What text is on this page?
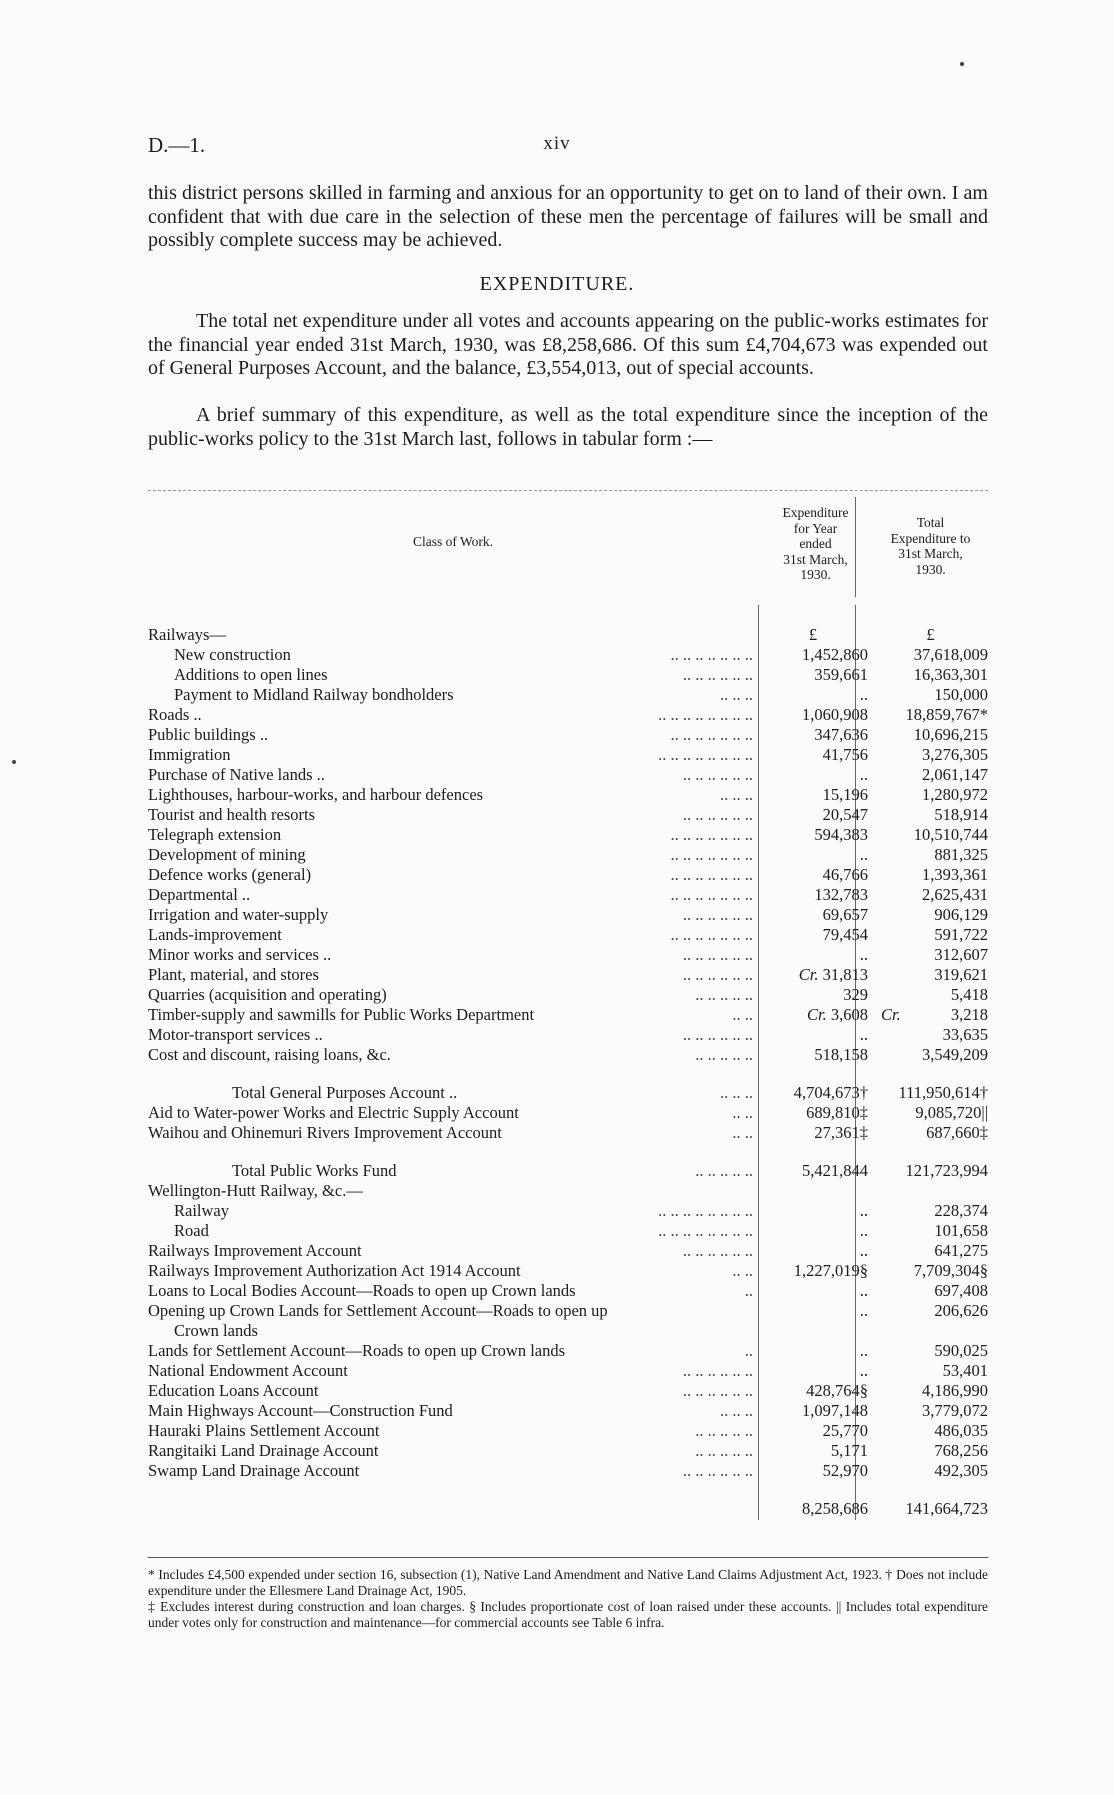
D.—1.	xiv
this district persons skilled in farming and anxious for an opportunity to get on to land of their own. I am confident that with due care in the selection of these men the percentage of failures will be small and possibly complete success may be achieved.
EXPENDITURE.
The total net expenditure under all votes and accounts appearing on the public-works estimates for the financial year ended 31st March, 1930, was £8,258,686. Of this sum £4,704,673 was expended out of General Purposes Account, and the balance, £3,554,013, out of special accounts.
A brief summary of this expenditure, as well as the total expenditure since the inception of the public-works policy to the 31st March last, follows in tabular form :—
Class of Work.
Expenditure
for Year
ended
31st March,
1930.
Total
Expenditure to
31st March,
1930.
Railways—	£	£
New construction	.. .. .. .. .. .. ..	1,452,860	37,618,009
Additions to open lines	.. .. .. .. .. ..	359,661	16,363,301
Payment to Midland Railway bondholders	.. .. ..	..	150,000
Roads ..	.. .. .. .. .. .. .. ..	1,060,908	18,859,767*
Public buildings ..	.. .. .. .. .. .. ..	347,636	10,696,215
Immigration	.. .. .. .. .. .. .. ..	41,756	3,276,305
Purchase of Native lands ..	.. .. .. .. .. ..	..	2,061,147
Lighthouses, harbour-works, and harbour defences	.. .. ..	15,196	1,280,972
Tourist and health resorts	.. .. .. .. .. ..	20,547	518,914
Telegraph extension	.. .. .. .. .. .. ..	594,383	10,510,744
Development of mining	.. .. .. .. .. .. ..	..	881,325
Defence works (general)	.. .. .. .. .. .. ..	46,766	1,393,361
Departmental ..	.. .. .. .. .. .. ..	132,783	2,625,431
Irrigation and water-supply	.. .. .. .. .. ..	69,657	906,129
Lands-improvement	.. .. .. .. .. .. ..	79,454	591,722
Minor works and services ..	.. .. .. .. .. ..	..	312,607
Plant, material, and stores	.. .. .. .. .. ..	Cr. 31,813	319,621
Quarries (acquisition and operating)	.. .. .. .. ..	329	5,418
Timber-supply and sawmills for Public Works Department	.. ..	Cr. 3,608 Cr.	3,218
Motor-transport services ..	.. .. .. .. .. ..	..	33,635
Cost and discount, raising loans, &c.	.. .. .. .. ..	518,158	3,549,209
Total General Purposes Account ..	.. .. ..	4,704,673†	111,950,614†
Aid to Water-power Works and Electric Supply Account	.. ..	689,810‡	9,085,720||
Waihou and Ohinemuri Rivers Improvement Account	.. ..	27,361‡	687,660‡
Total Public Works Fund	.. .. .. .. ..	5,421,844	121,723,994
Wellington-Hutt Railway, &c.—
Railway	.. .. .. .. .. .. .. ..	..	228,374
Road	.. .. .. .. .. .. .. ..	..	101,658
Railways Improvement Account	.. .. .. .. .. ..	..	641,275
Railways Improvement Authorization Act 1914 Account	.. ..	1,227,019§	7,709,304§
Loans to Local Bodies Account—Roads to open up Crown lands	..	..	697,408
Opening up Crown Lands for Settlement Account—Roads to open up	..	206,626
Crown lands
Lands for Settlement Account—Roads to open up Crown lands	..	..	590,025
National Endowment Account	.. .. .. .. .. ..	..	53,401
Education Loans Account	.. .. .. .. .. ..	428,764§	4,186,990
Main Highways Account—Construction Fund	.. .. ..	1,097,148	3,779,072
Hauraki Plains Settlement Account	.. .. .. .. ..	25,770	486,035
Rangitaiki Land Drainage Account	.. .. .. .. ..	5,171	768,256
Swamp Land Drainage Account	.. .. .. .. .. ..	52,970	492,305
8,258,686	141,664,723

* Includes £4,500 expended under section 16, subsection (1), Native Land Amendment and Native Land Claims Adjustment Act, 1923. † Does not include expenditure under the Ellesmere Land Drainage Act, 1905.

‡ Excludes interest during construction and loan charges. § Includes proportionate cost of loan raised under these accounts. || Includes total expenditure under votes only for construction and maintenance—for commercial accounts see Table 6 infra.
